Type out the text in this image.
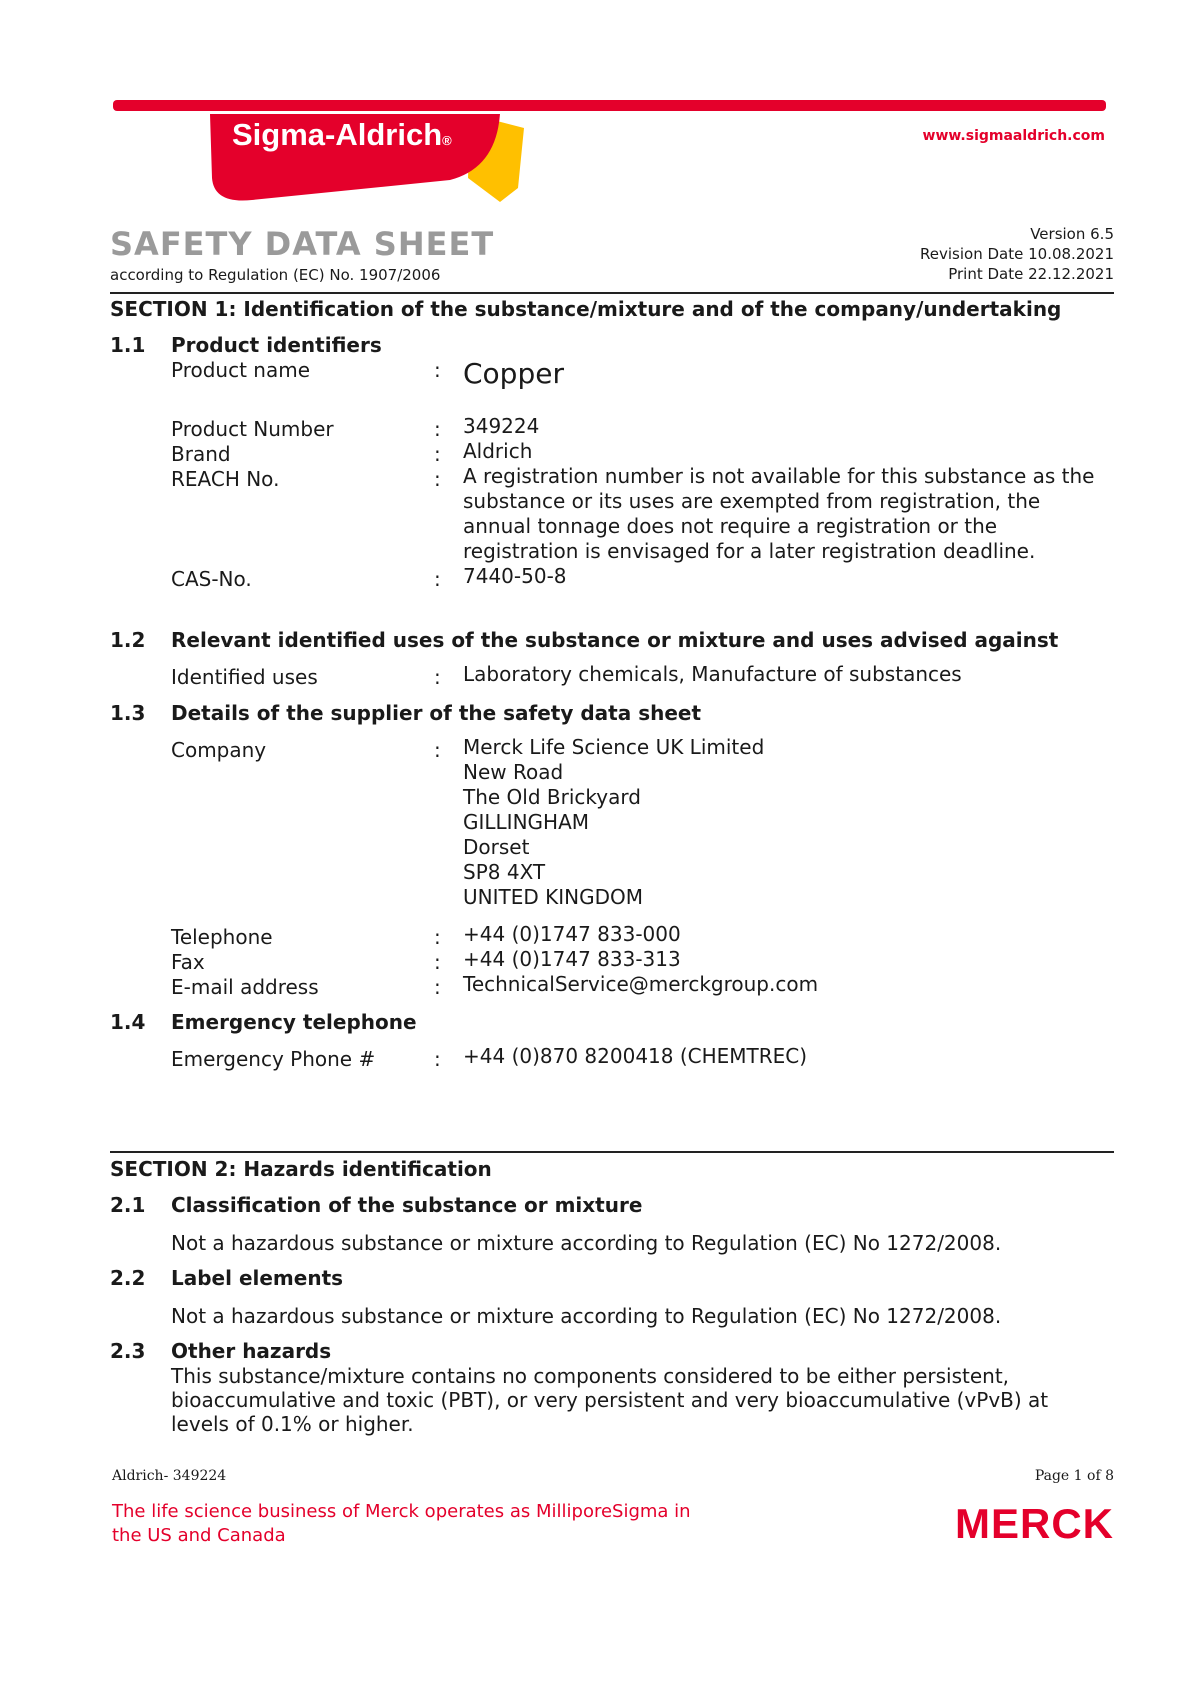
Sigma-Aldrich®	www.sigmaaldrich.com
SAFETY DATA SHEET
according to Regulation (EC) No. 1907/2006
Version 6.5
Revision Date 10.08.2021
Print Date 22.12.2021
SECTION 1: Identification of the substance/mixture and of the company/undertaking
1.1 Product identifiers
Product name	: Copper
Product Number	: 349224
Brand	: Aldrich
REACH No.	: A registration number is not available for this substance as the
substance or its uses are exempted from registration, the
annual tonnage does not require a registration or the
registration is envisaged for a later registration deadline.
CAS-No.	: 7440-50-8
1.2 Relevant identified uses of the substance or mixture and uses advised against
Identified uses	: Laboratory chemicals, Manufacture of substances
1.3 Details of the supplier of the safety data sheet
Company	: Merck Life Science UK Limited
New Road
The Old Brickyard
GILLINGHAM
Dorset
SP8 4XT
UNITED KINGDOM
Telephone	: +44 (0)1747 833-000
Fax	: +44 (0)1747 833-313
E-mail address	: TechnicalService@merckgroup.com
1.4 Emergency telephone
Emergency Phone #	: +44 (0)870 8200418 (CHEMTREC)
SECTION 2: Hazards identification
2.1 Classification of the substance or mixture
Not a hazardous substance or mixture according to Regulation (EC) No 1272/2008.
2.2 Label elements
Not a hazardous substance or mixture according to Regulation (EC) No 1272/2008.
2.3 Other hazards
This substance/mixture contains no components considered to be either persistent,
bioaccumulative and toxic (PBT), or very persistent and very bioaccumulative (vPvB) at
levels of 0.1% or higher.
Aldrich- 349224	Page 1 of 8
The life science business of Merck operates as MilliporeSigma in
the US and Canada	MERCK
